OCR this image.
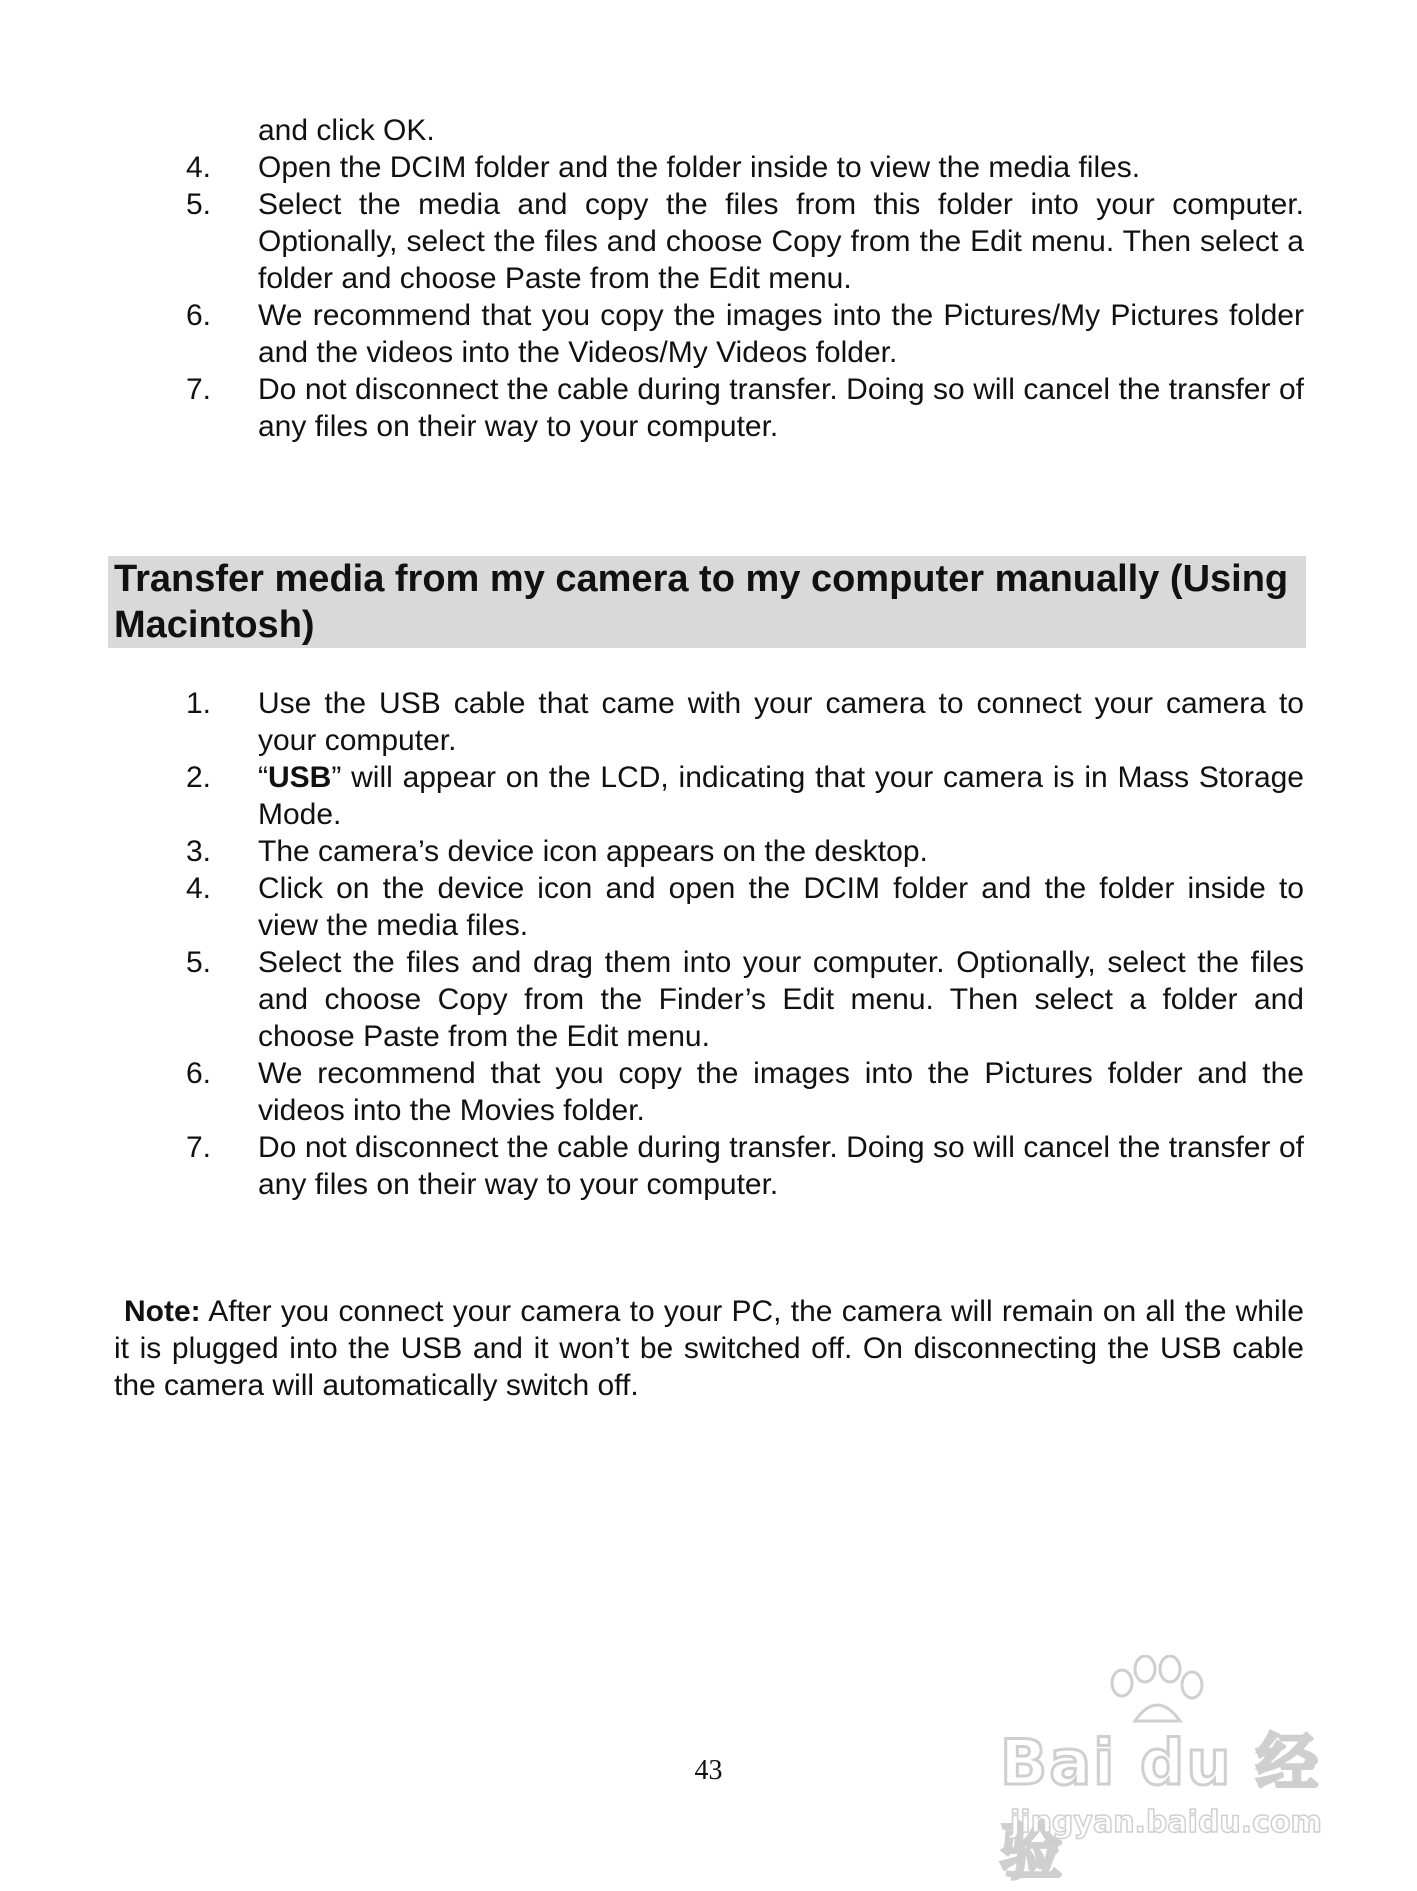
and click OK.
4.	Open the DCIM folder and the folder inside to view the media files.
5.	Select the media and copy the files from this folder into your computer. Optionally, select the files and choose Copy from the Edit menu. Then select a folder and choose Paste from the Edit menu.
6.	We recommend that you copy the images into the Pictures/My Pictures folder and the videos into the Videos/My Videos folder.
7.	Do not disconnect the cable during transfer. Doing so will cancel the transfer of any files on their way to your computer.
Transfer media from my camera to my computer manually (Using Macintosh)
1.	Use the USB cable that came with your camera to connect your camera to your computer.
2.	“USB” will appear on the LCD, indicating that your camera is in Mass Storage Mode.
3.	The camera’s device icon appears on the desktop.
4.	Click on the device icon and open the DCIM folder and the folder inside to view the media files.
5.	Select the files and drag them into your computer. Optionally, select the files and choose Copy from the Finder’s Edit menu. Then select a folder and choose Paste from the Edit menu.
6.	We recommend that you copy the images into the Pictures folder and the videos into the Movies folder.
7.	Do not disconnect the cable during transfer. Doing so will cancel the transfer of any files on their way to your computer.

Note: After you connect your camera to your PC, the camera will remain on all the while it is plugged into the USB and it won’t be switched off. On disconnecting the USB cable the camera will automatically switch off.

43	Bai du 经验
jingyan.baidu.com
